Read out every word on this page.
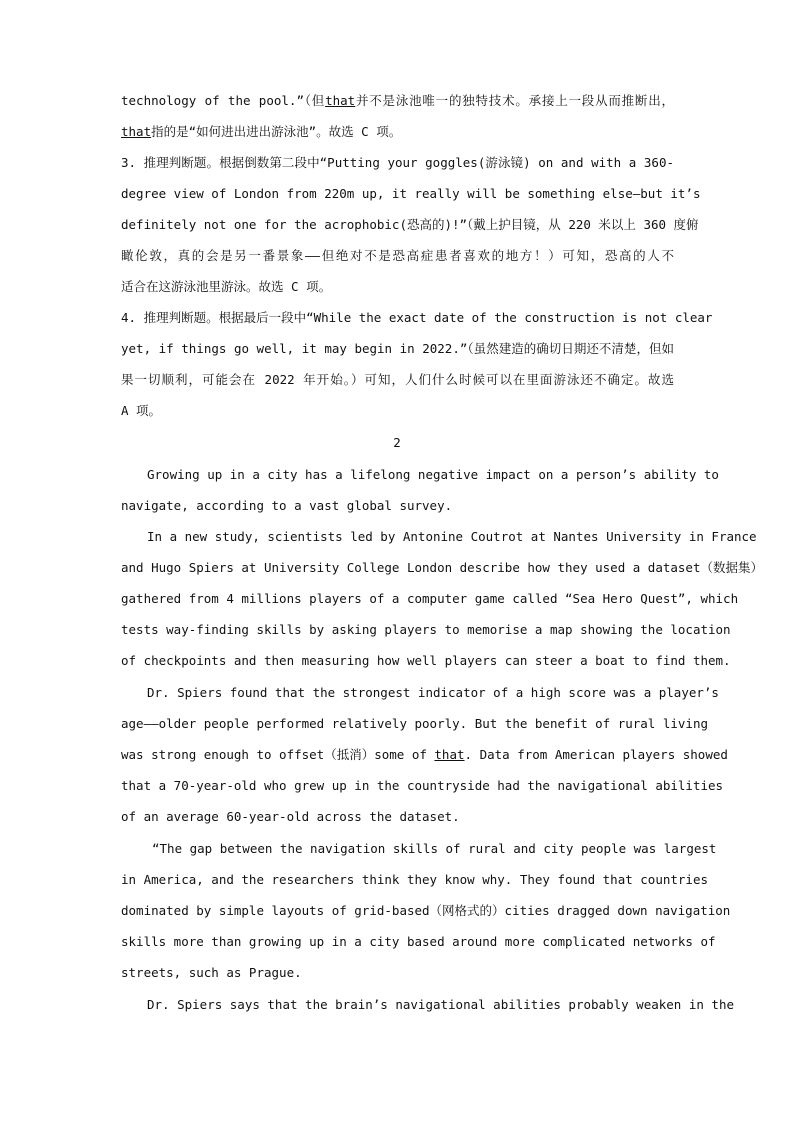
technology of the pool.”（但that并不是泳池唯一的独特技术。承接上一段从而推断出，
that指的是“如何进出进出游泳池”。故选 C 项。
3. 推理判断题。根据倒数第二段中“Putting your goggles(游泳镜) on and with a 360-
degree view of London from 220m up, it really will be something else—but it’s
definitely not one for the acrophobic(恐高的)!”（戴上护目镜，从 220 米以上 360 度俯
瞰伦敦，真的会是另一番景象——但绝对不是恐高症患者喜欢的地方！）可知，恐高的人不
适合在这游泳池里游泳。故选 C 项。
4. 推理判断题。根据最后一段中“While the exact date of the construction is not clear
yet, if things go well, it may begin in 2022.”（虽然建造的确切日期还不清楚，但如
果一切顺利，可能会在 2022 年开始。）可知，人们什么时候可以在里面游泳还不确定。故选
A 项。
2
Growing up in a city has a lifelong negative impact on a person’s ability to
navigate, according to a vast global survey.
In a new study, scientists led by Antonine Coutrot at Nantes University in France
and Hugo Spiers at University College London describe how they used a dataset（数据集）
gathered from 4 millions players of a computer game called “Sea Hero Quest”, which
tests way-finding skills by asking players to memorise a map showing the location
of checkpoints and then measuring how well players can steer a boat to find them.
Dr. Spiers found that the strongest indicator of a high score was a player’s
age——older people performed relatively poorly. But the benefit of rural living
was strong enough to offset（抵消）some of that. Data from American players showed
that a 70-year-old who grew up in the countryside had the navigational abilities
of an average 60-year-old across the dataset.
“The gap between the navigation skills of rural and city people was largest
in America, and the researchers think they know why. They found that countries
dominated by simple layouts of grid-based（网格式的）cities dragged down navigation
skills more than growing up in a city based around more complicated networks of
streets, such as Prague.
Dr. Spiers says that the brain’s navigational abilities probably weaken in the
